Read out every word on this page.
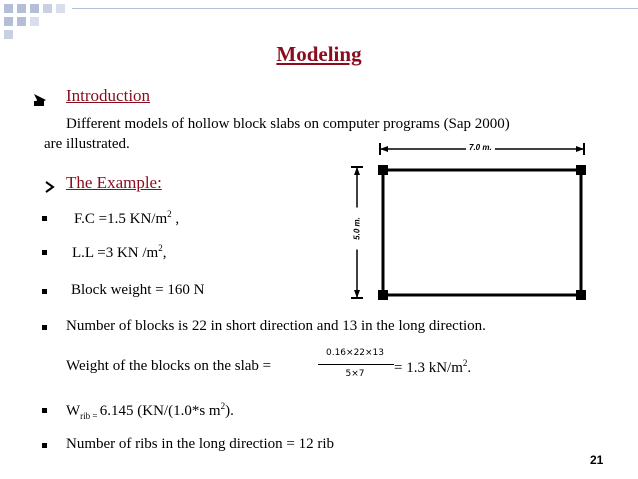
Modeling
Introduction
Different models of hollow block slabs on computer programs (Sap 2000)
are illustrated.
The Example:
F.C =1.5 $KN/m^2$ ,
L.L =3 KN $/m^2$,
Block weight = 160 N
Number of blocks is 22 in short direction and 13 in the long direction.
Weight of the blocks on the slab =
0.16×22×13
5×7	= 1.3 $kN/m^2$.
$W_{rib =}$ 6.145 (KN/(1.0*s $m^2$).
Number of ribs in the long direction = 12 rib
7.0 m.
5.0 m.
21
